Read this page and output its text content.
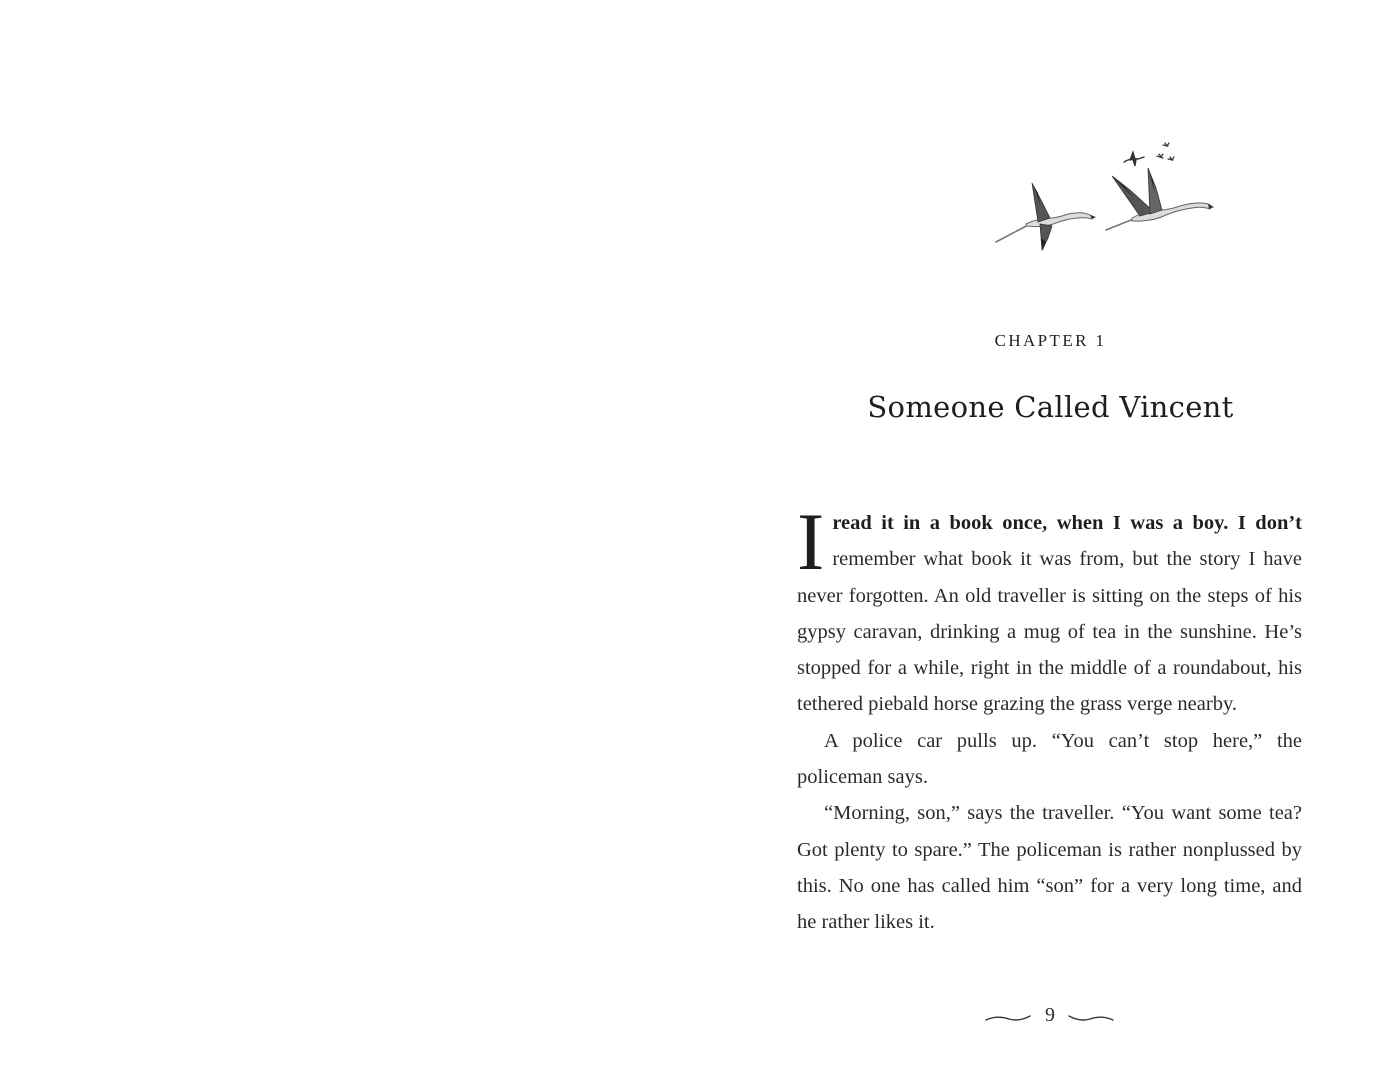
CHAPTER 1
Someone Called Vincent

Iread it in a book once, when I was a boy. I don’t remember what book it was from, but the story I have never forgotten. An old traveller is sitting on the steps of his gypsy caravan, drinking a mug of tea in the sunshine. He’s stopped for a while, right in the middle of a roundabout, his tethered piebald horse grazing the grass verge nearby.

A police car pulls up. “You can’t stop here,” the policeman says.

“Morning, son,” says the traveller. “You want some tea? Got plenty to spare.” The policeman is rather nonplussed by this. No one has called him “son” for a very long time, and he rather likes it.

9
